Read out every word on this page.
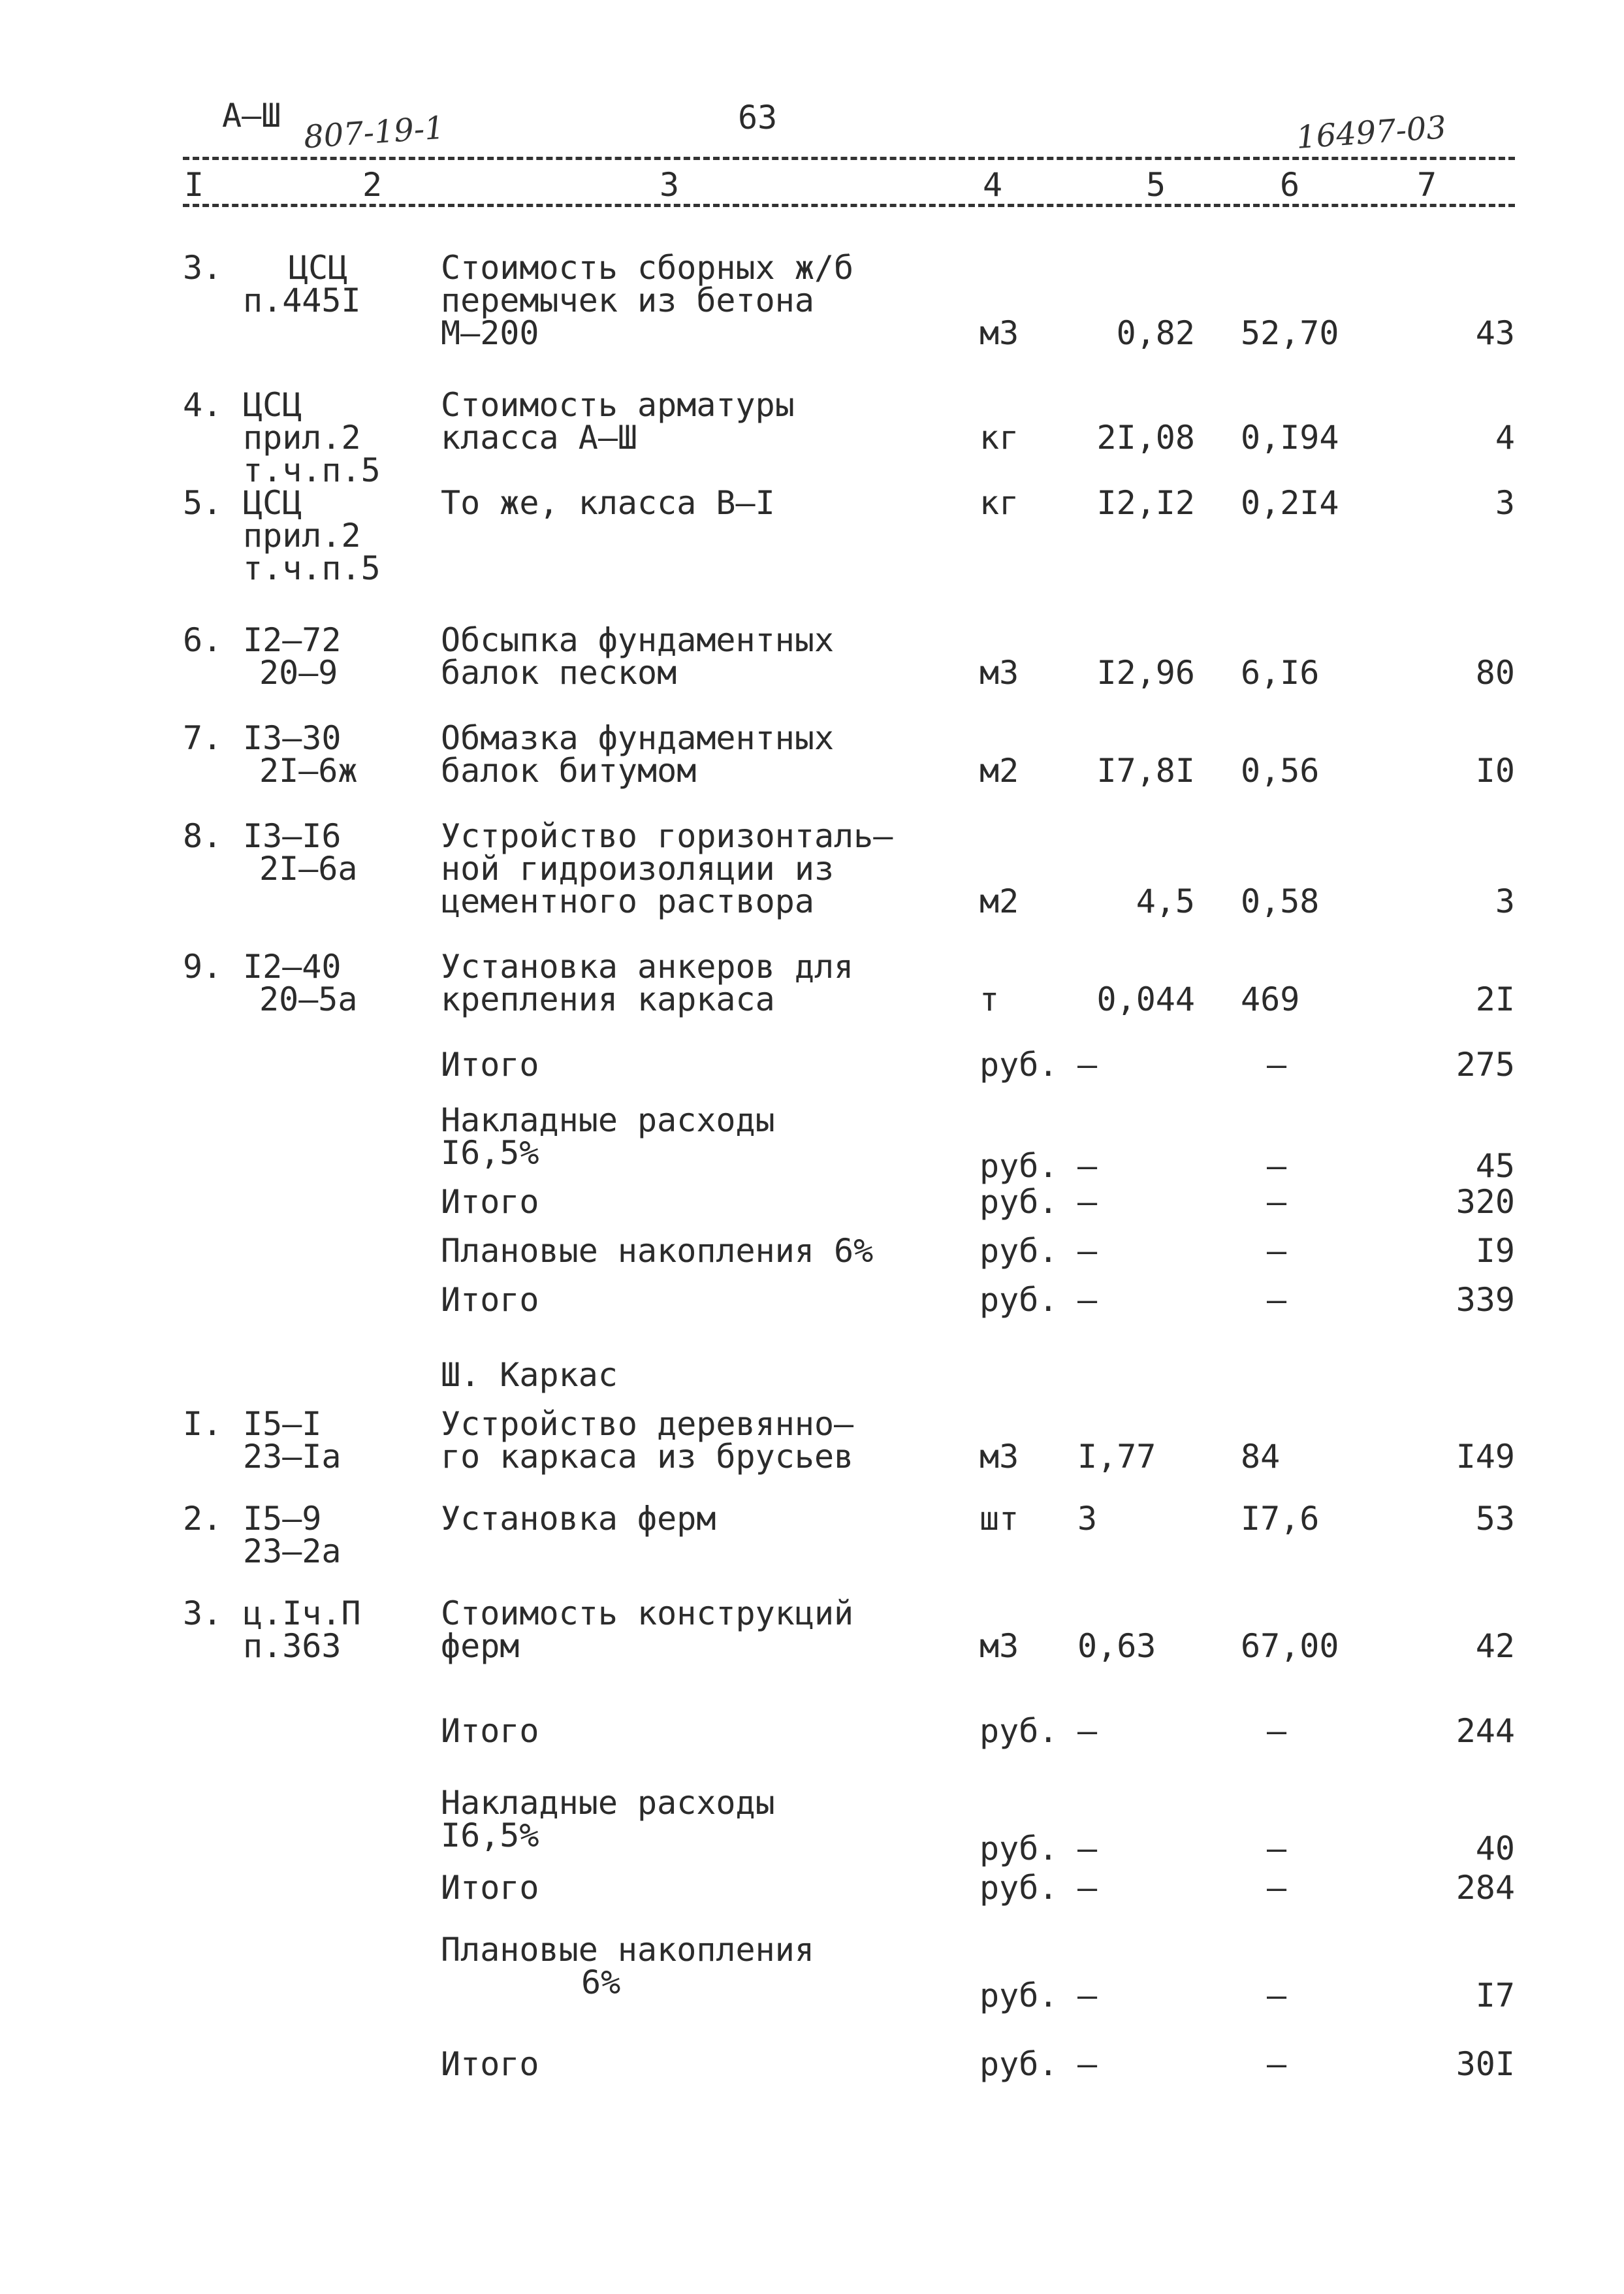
А–Ш 807-19-1	63	16497-03
I	2	3	4	5	6	7
3. ЦСЦ
п.445I
Стоимость сборных ж/б
перемычек из бетона
М–200	м3	0,82 52,70	43
4. ЦСЦ
прил.2
т.ч.п.5
Стоимость арматуры
класса А–Ш	кг 2I,08 0,I94	4
5. ЦСЦ
прил.2
т.ч.п.5
То же, класса В–I	кг I2,I2 0,2I4	3
6. I2–72
20–9
Обсыпка фундаментных
балок песком	м3 I2,96 6,I6	80
7. I3–30
2I–6ж
Обмазка фундаментных
балок битумом	м2 I7,8I 0,56	I0
8. I3–I6
2I–6а
Устройство горизонталь–
ной гидроизоляции из
цементного раствора	м2	4,5 0,58	3
9. I2–40
20–5а
Установка анкеров для
крепления каркаса	т	0,044 469	2I
Итого	руб. –	–	275
Накладные расходы
I6,5%	руб. –	–	45
Итого	руб. –	–	320
Плановые накопления 6%	руб. –	–	I9
Итого	руб. –	–	339
Ш. Каркас
I. I5–I
23–Iа
Устройство деревянно–
го каркаса из брусьев	м3 I,77	84	I49
2. I5–9
23–2а
Установка ферм	шт 3	I7,6	53
3. ц.Iч.П
п.363
Стоимость конструкций
ферм	м3 0,63	67,00	42
Итого	руб. –	–	244
Накладные расходы
I6,5%	руб. –	–	40
Итого	руб. –	–	284
Плановые накопления
6%	руб. –	–	I7
Итого	руб. –	–	30I
